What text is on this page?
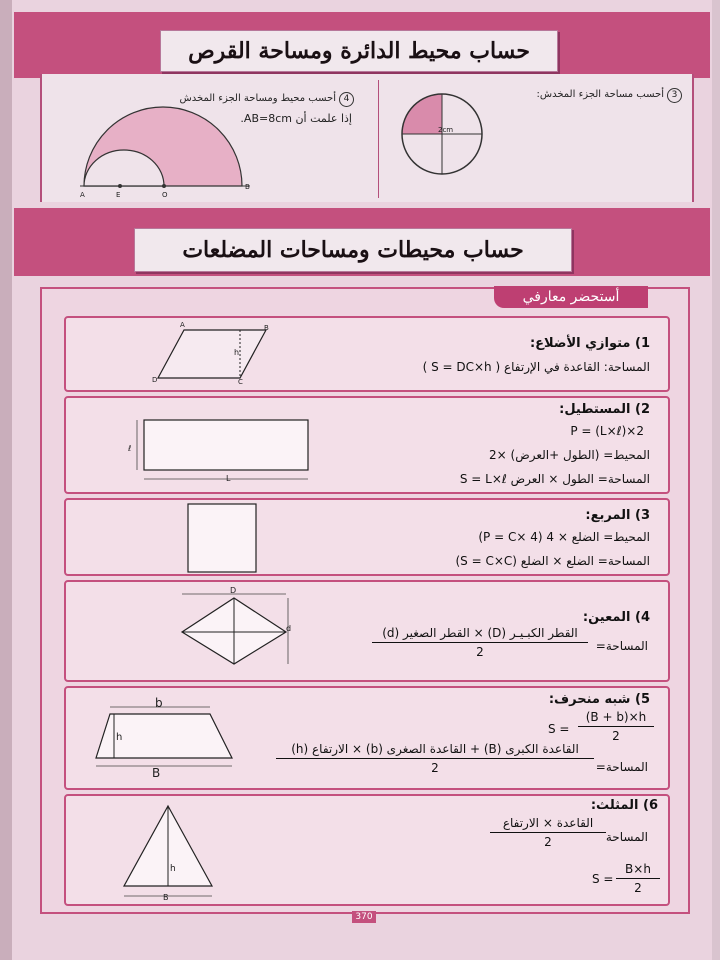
حساب محيط الدائرة ومساحة القرص
3أحسب مساحة الجزء المخدش:
2cm
4أحسب محيط ومساحة الجزء المخدش
إذا علمت أن AB=8cm.
A	E	O
B
حساب محيطات ومساحات المضلعات
أستحضر معارفي
A	B
C
D
h
1) متوازي الأضلاع:
المساحة: القاعدة في الإرتفاع ( S = DC×h )
L
ℓ
2) المستطيل:
P = (L×ℓ)×2
المحيط= (الطول +العرض) ×2
المساحة= الطول × العرض S = L×ℓ
3) المربع:
المحيط= الضلع × 4 (P = C× 4)
المساحة= الضلع × الضلع (S = C×C)
D
d
4) المعين:
المساحة=
القطر الكبـيـر (D) × القطر الصغير (d)
2
b
B
h
5) شبه منحرف:
$S = \frac{(B + b)\times h}{2}$
المساحة=
القاعدة الكبرى (B) + القاعدة الصغرى (b) × الارتفاع (h)
2
h
B
6) المثلث:
المساحة
القاعدة × الارتفاع
2
$S = \frac{B\times h}{2}$
370
